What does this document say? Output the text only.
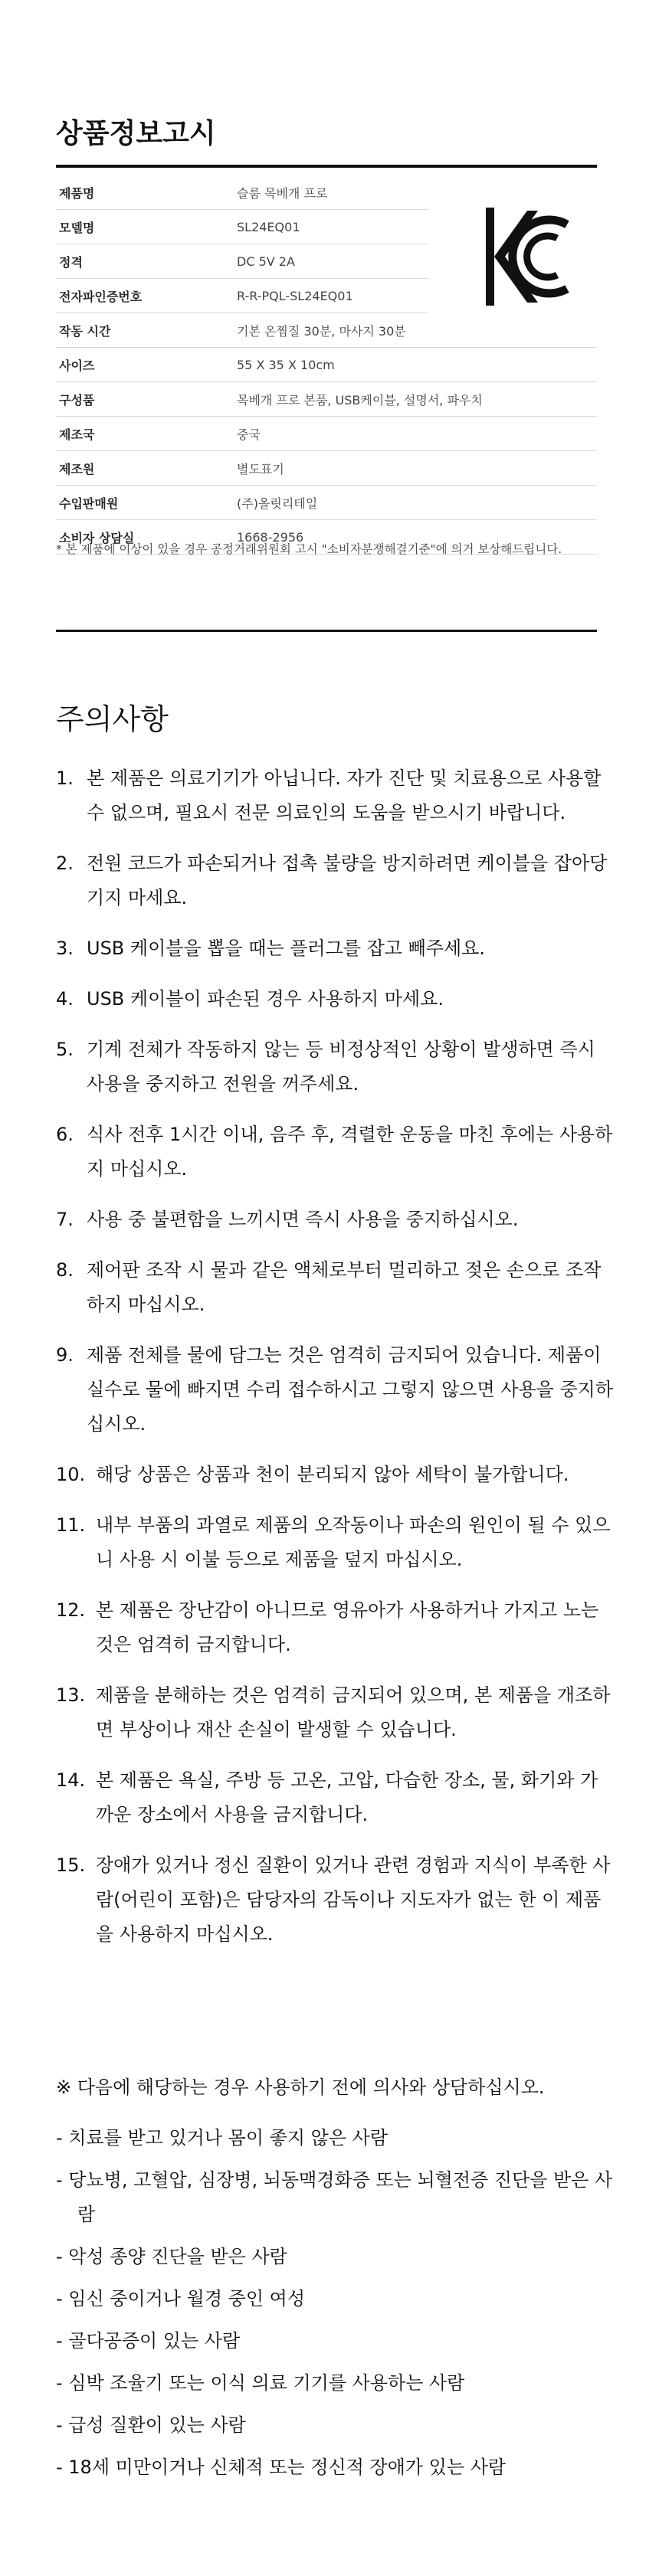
상품정보고시
제품명	슬룸 목베개 프로
모델명	SL24EQ01
정격	DC 5V 2A
전자파인증번호	R-R-PQL-SL24EQ01
작동 시간	기본 온찜질 30분, 마사지 30분
사이즈	55 X 35 X 10cm
구성품	목베개 프로 본품, USB케이블, 설명서, 파우치
제조국	중국
제조원	별도표기
수입판매원	(주)올릿리테일
소비자 상담실	1668-2956
* 본 제품에 이상이 있을 경우 공정거래위원회 고시 "소비자분쟁해결기준"에 의거 보상해드립니다.
주의사항
1. 본 제품은 의료기기가 아닙니다. 자가 진단 및 치료용으로 사용할 수 없으며, 필요시 전문 의료인의 도움을 받으시기 바랍니다.
2. 전원 코드가 파손되거나 접촉 불량을 방지하려면 케이블을 잡아당기지 마세요.
3. USB 케이블을 뽑을 때는 플러그를 잡고 빼주세요.
4. USB 케이블이 파손된 경우 사용하지 마세요.
5. 기계 전체가 작동하지 않는 등 비정상적인 상황이 발생하면 즉시 사용을 중지하고 전원을 꺼주세요.
6. 식사 전후 1시간 이내, 음주 후, 격렬한 운동을 마친 후에는 사용하지 마십시오.
7. 사용 중 불편함을 느끼시면 즉시 사용을 중지하십시오.
8. 제어판 조작 시 물과 같은 액체로부터 멀리하고 젖은 손으로 조작하지 마십시오.
9. 제품 전체를 물에 담그는 것은 엄격히 금지되어 있습니다. 제품이 실수로 물에 빠지면 수리 접수하시고 그렇지 않으면 사용을 중지하십시오.
10. 해당 상품은 상품과 천이 분리되지 않아 세탁이 불가합니다.
11. 내부 부품의 과열로 제품의 오작동이나 파손의 원인이 될 수 있으니 사용 시 이불 등으로 제품을 덮지 마십시오.
12. 본 제품은 장난감이 아니므로 영유아가 사용하거나 가지고 노는 것은 엄격히 금지합니다.
13. 제품을 분해하는 것은 엄격히 금지되어 있으며, 본 제품을 개조하면 부상이나 재산 손실이 발생할 수 있습니다.
14. 본 제품은 욕실, 주방 등 고온, 고압, 다습한 장소, 물, 화기와 가까운 장소에서 사용을 금지합니다.
15. 장애가 있거나 정신 질환이 있거나 관련 경험과 지식이 부족한 사람(어린이 포함)은 담당자의 감독이나 지도자가 없는 한 이 제품을 사용하지 마십시오.
※ 다음에 해당하는 경우 사용하기 전에 의사와 상담하십시오.
- 치료를 받고 있거나 몸이 좋지 않은 사람
- 당뇨병, 고혈압, 심장병, 뇌동맥경화증 또는 뇌혈전증 진단을 받은 사람
- 악성 종양 진단을 받은 사람
- 임신 중이거나 월경 중인 여성
- 골다공증이 있는 사람
- 심박 조율기 또는 이식 의료 기기를 사용하는 사람
- 급성 질환이 있는 사람
- 18세 미만이거나 신체적 또는 정신적 장애가 있는 사람
